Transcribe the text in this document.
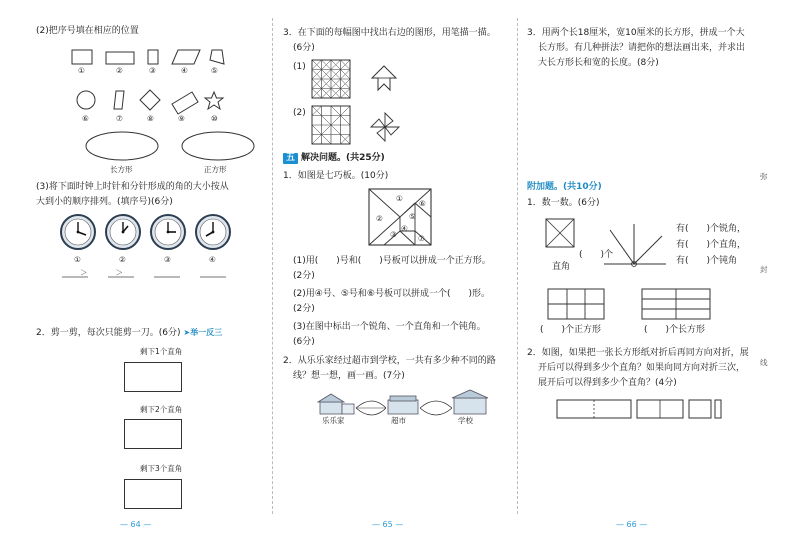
(2)把序号填在相应的位置
①	②	③	④	⑤
⑥	⑦	⑧	⑨	⑩
长方形	正方形
(3)将下面时钟上时针和分针形成的角的大小按从
大到小的顺序排列。(填序号)(6分)
①	②	③	④
＞＞
2．剪一剪，每次只能剪一刀。(6分) ➤举一反三
剩下1个直角
剩下2个直角
剩下3个直角
— 64 —
3．在下面的每幅图中找出右边的图形，用笔描一描。
(6分)
(1)
(2)
五 解决问题。(共25分)
1．如图是七巧板。(10分)
①
②
③
④
⑤
⑥
⑦
(1)用(　　)号和(　　)号板可以拼成一个正方形。
(2分)
(2)用④号、⑤号和⑥号板可以拼成一个(　　)形。
(2分)
(3)在图中标出一个锐角、一个直角和一个钝角。
(6分)
2．从乐乐家经过超市到学校，一共有多少种不同的路
线？想一想，画一画。(7分)
乐乐家	超市	学校
— 65 —
3．用两个长18厘米，宽10厘米的长方形，拼成一个大
长方形。有几种拼法？请把你的想法画出来，并求出
大长方形长和宽的长度。(8分)
附加题。(共10分)
1．数一数。(6分)
(　　)个
直角
有(　　)个锐角，
有(　　)个直角，
有(　　)个钝角
(　　)个正方形	(　　)个长方形
2．如图，如果把一张长方形纸对折后再同方向对折，展
开后可以得到多少个直角？如果向同方向对折三次，
展开后可以得到多少个直角？(4分)
弥
封
线
— 66 —
